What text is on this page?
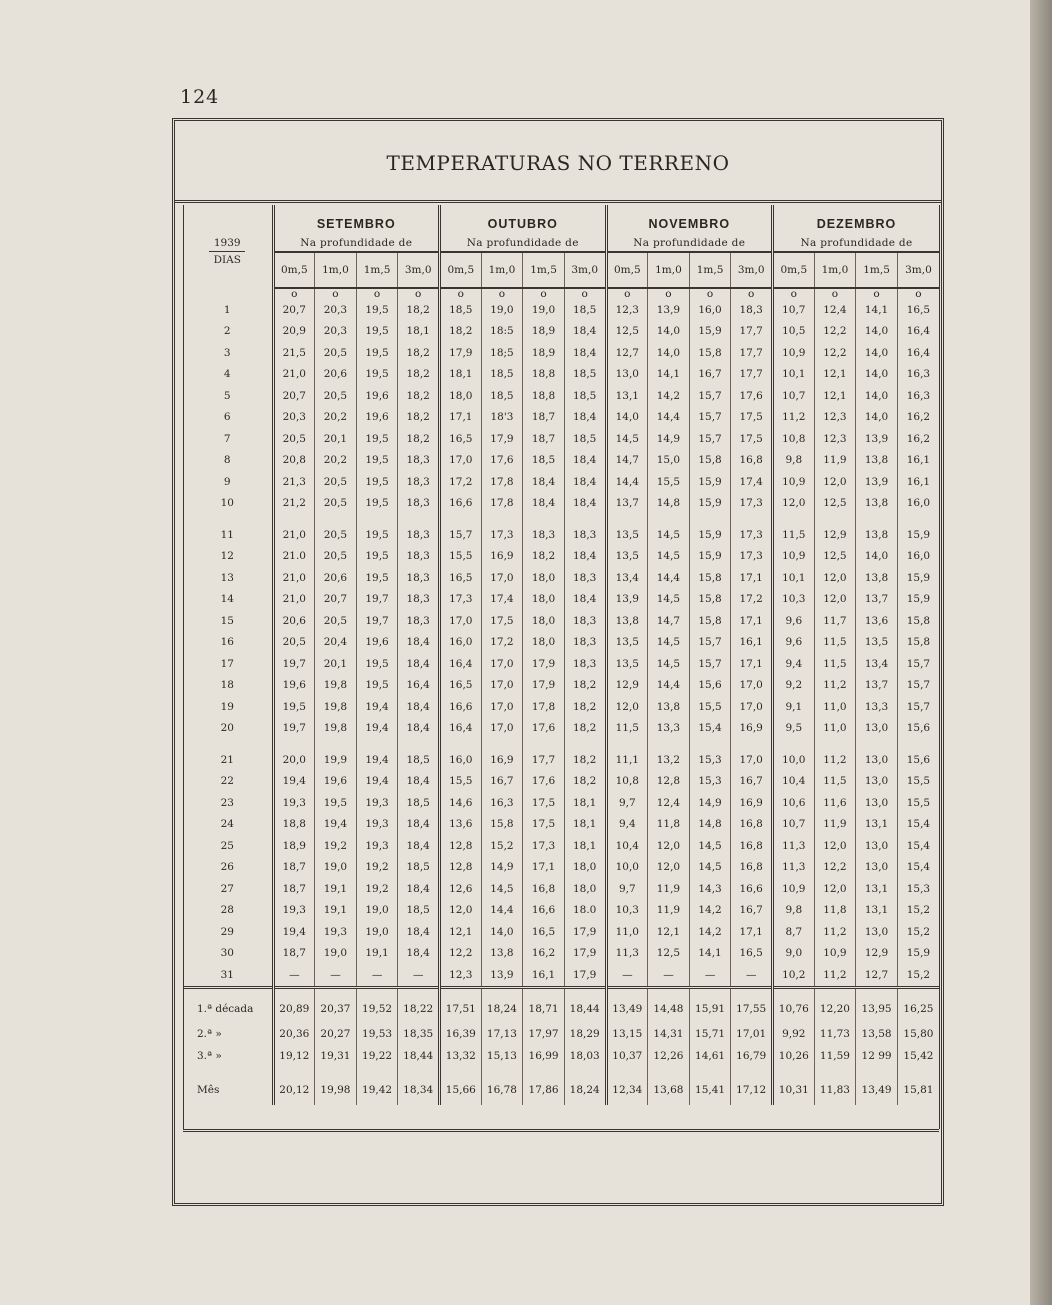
124
TEMPERATURAS NO TERRENO
1939
DIAS	SETEMBRO
Na profundidade de				OUTUBRO
Na profundidade de				NOVEMBRO
Na profundidade de				DEZEMBRO
Na profundidade de			

	0m,5	1m,0	1m,5	3m,0	0m,5	1m,0	1m,5	3m,0	0m,5	1m,0	1m,5	3m,0	0m,5	1m,0	1m,5	3m,0
	o	o	o	o	o	o	o	o	o	o	o	o	o	o	o	o
1	20,7	20,3	19,5	18,2	18,5	19,0	19,0	18,5	12,3	13,9	16,0	18,3	10,7	12,4	14,1	16,5
2	20,9	20,3	19,5	18,1	18,2	18:5	18,9	18,4	12,5	14,0	15,9	17,7	10,5	12,2	14,0	16,4
3	21,5	20,5	19,5	18,2	17,9	18;5	18,9	18,4	12,7	14,0	15,8	17,7	10,9	12,2	14,0	16,4
4	21,0	20,6	19,5	18,2	18,1	18,5	18,8	18,5	13,0	14,1	16,7	17,7	10,1	12,1	14,0	16,3
5	20,7	20,5	19,6	18,2	18,0	18,5	18,8	18,5	13,1	14,2	15,7	17,6	10,7	12,1	14,0	16,3
6	20,3	20,2	19,6	18,2	17,1	18'3	18,7	18,4	14,0	14,4	15,7	17,5	11,2	12,3	14,0	16,2
7	20,5	20,1	19,5	18,2	16,5	17,9	18,7	18,5	14,5	14,9	15,7	17,5	10,8	12,3	13,9	16,2
8	20,8	20,2	19,5	18,3	17,0	17,6	18,5	18,4	14,7	15,0	15,8	16,8	9,8	11,9	13,8	16,1
9	21,3	20,5	19,5	18,3	17,2	17,8	18,4	18,4	14,4	15,5	15,9	17,4	10,9	12,0	13,9	16,1
10	21,2	20,5	19,5	18,3	16,6	17,8	18,4	18,4	13,7	14,8	15,9	17,3	12,0	12,5	13,8	16,0
11	21,0	20,5	19,5	18,3	15,7	17,3	18,3	18,3	13,5	14,5	15,9	17,3	11,5	12,9	13,8	15,9
12	21.0	20,5	19,5	18,3	15,5	16,9	18,2	18,4	13,5	14,5	15,9	17,3	10,9	12,5	14,0	16,0
13	21,0	20,6	19,5	18,3	16,5	17,0	18,0	18,3	13,4	14,4	15,8	17,1	10,1	12,0	13,8	15,9
14	21,0	20,7	19,7	18,3	17,3	17,4	18,0	18,4	13,9	14,5	15,8	17,2	10,3	12,0	13,7	15,9
15	20,6	20,5	19,7	18,3	17,0	17,5	18,0	18,3	13,8	14,7	15,8	17,1	9,6	11,7	13,6	15,8
16	20,5	20,4	19,6	18,4	16,0	17,2	18,0	18,3	13,5	14,5	15,7	16,1	9,6	11,5	13,5	15,8
17	19,7	20,1	19,5	18,4	16,4	17,0	17,9	18,3	13,5	14,5	15,7	17,1	9,4	11,5	13,4	15,7
18	19,6	19,8	19,5	16,4	16,5	17,0	17,9	18,2	12,9	14,4	15,6	17,0	9,2	11,2	13,7	15,7
19	19,5	19,8	19,4	18,4	16,6	17,0	17,8	18,2	12,0	13,8	15,5	17,0	9,1	11,0	13,3	15,7
20	19,7	19,8	19,4	18,4	16,4	17,0	17,6	18,2	11,5	13,3	15,4	16,9	9,5	11,0	13,0	15,6
21	20,0	19,9	19,4	18,5	16,0	16,9	17,7	18,2	11,1	13,2	15,3	17,0	10,0	11,2	13,0	15,6
22	19,4	19,6	19,4	18,4	15,5	16,7	17,6	18,2	10,8	12,8	15,3	16,7	10,4	11,5	13,0	15,5
23	19,3	19,5	19,3	18,5	14,6	16,3	17,5	18,1	9,7	12,4	14,9	16,9	10,6	11,6	13,0	15,5
24	18,8	19,4	19,3	18,4	13,6	15,8	17,5	18,1	9,4	11,8	14,8	16,8	10,7	11,9	13,1	15,4
25	18,9	19,2	19,3	18,4	12,8	15,2	17,3	18,1	10,4	12,0	14,5	16,8	11,3	12,0	13,0	15,4
26	18,7	19,0	19,2	18,5	12,8	14,9	17,1	18,0	10,0	12,0	14,5	16,8	11,3	12,2	13,0	15,4
27	18,7	19,1	19,2	18,4	12,6	14,5	16,8	18,0	9,7	11,9	14,3	16,6	10,9	12,0	13,1	15,3
28	19,3	19,1	19,0	18,5	12,0	14,4	16,6	18.0	10,3	11,9	14,2	16,7	9,8	11,8	13,1	15,2
29	19,4	19,3	19,0	18,4	12,1	14,0	16,5	17,9	11,0	12,1	14,2	17,1	8,7	11,2	13,0	15,2
30	18,7	19,0	19,1	18,4	12,2	13,8	16,2	17,9	11,3	12,5	14,1	16,5	9,0	10,9	12,9	15,9
31	—	—	—	—	12,3	13,9	16,1	17,9	—	—	—	—	10,2	11,2	12,7	15,2
1.ª década	20,89	20,37	19,52	18,22	17,51	18,24	18,71	18,44	13,49	14,48	15,91	17,55	10,76	12,20	13,95	16,25
2.ª »	20,36	20,27	19,53	18,35	16,39	17,13	17,97	18,29	13,15	14,31	15,71	17,01	9,92	11,73	13,58	15,80
3.ª »	19,12	19,31	19,22	18,44	13,32	15,13	16,99	18,03	10,37	12,26	14,61	16,79	10,26	11,59	12 99	15,42
Mês	20,12	19,98	19,42	18,34	15,66	16,78	17,86	18,24	12,34	13,68	15,41	17,12	10,31	11,83	13,49	15,81
